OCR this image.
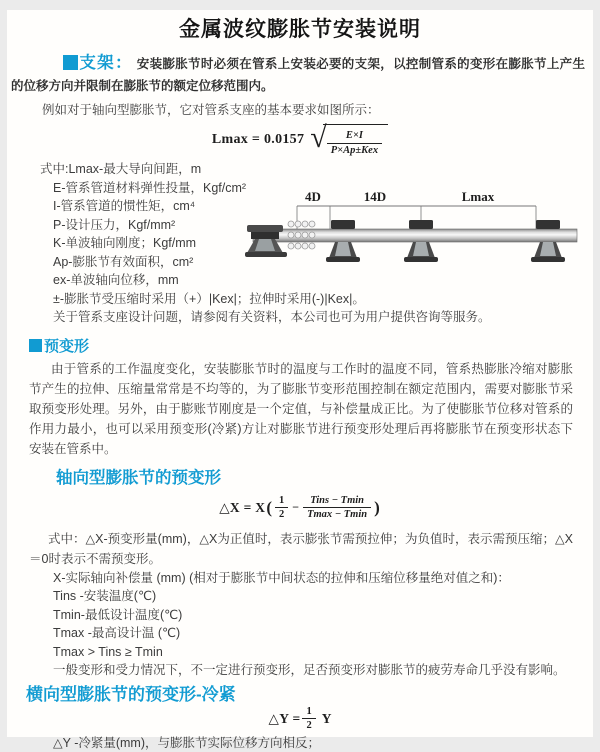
金属波纹膨胀节安装说明

支架： 安装膨胀节时必须在管系上安装必要的支架，以控制管系的变形在膨胀节上产生的位移方向并限制在膨胀节的额定位移范围内。

例如对于轴向型膨胀节，它对管系支座的基本要求如图所示：

Lmax = 0.0157 √ $\frac{E\times I}{\text{P×Ap±Kex}}$
式中:Lmax-最大导向间距，m
E-管系管道材料弹性投量，Kgf/cm²
I-管系管道的惯性矩，cm⁴
P-设计压力，Kgf/mm²
K-单波轴向刚度；Kgf/mm
Ap-膨胀节有效面积，cm²
ex-单波轴向位移，mm
±-膨胀节受压缩时采用（+）|Kex|；拉伸时采用(-)|Kex|。
关于管系支座设计问题，请参阅有关资料，本公司也可为用户提供咨询等服务。
4D	14D	Lmax
预变形

由于管系的工作温度变化，安装膨胀节时的温度与工作时的温度不同，管系热膨胀冷缩对膨胀节产生的拉伸、压缩量常常是不均等的，为了膨胀节变形范围控制在额定范围内，需要对膨胀节采取预变形处理。另外，由于膨账节刚度是一个定值，与补偿量成正比。为了使膨胀节位移对管系的作用力最小，也可以采用预变形(冷紧)方让对膨胀节进行预变形处理后再将膨胀节在预变形状态下安装在管系中。

轴向型膨胀节的预变形
△X = X ( $\frac{1}{2} - \frac{\text{Tins − Tmin}}{Tmax - Tmin}$ )

式中：△X-预变形量(mm)，△X为正值时，表示膨张节需预拉伸；为负值时，表示需预压缩；△X＝0时表示不需预变形。

X-实际轴向补偿量 (mm) (相对于膨胀节中间状态的拉伸和压缩位移量绝对值之和)：
Tins -安装温度(℃)
Tmin-最低设计温度(℃)
Tmax -最高设计温 (℃)
Tmax > Tins ≥ Tmin
一般变形和受力情况下，不一定进行预变形，足否预变形对膨胀节的疲劳寿命几乎没有影响。
横向型膨胀节的预变形-冷紧
△Y = $\frac{1}{2}$ Y
△Y -冷紧量(mm)，与膨胀节实际位移方向相反；
